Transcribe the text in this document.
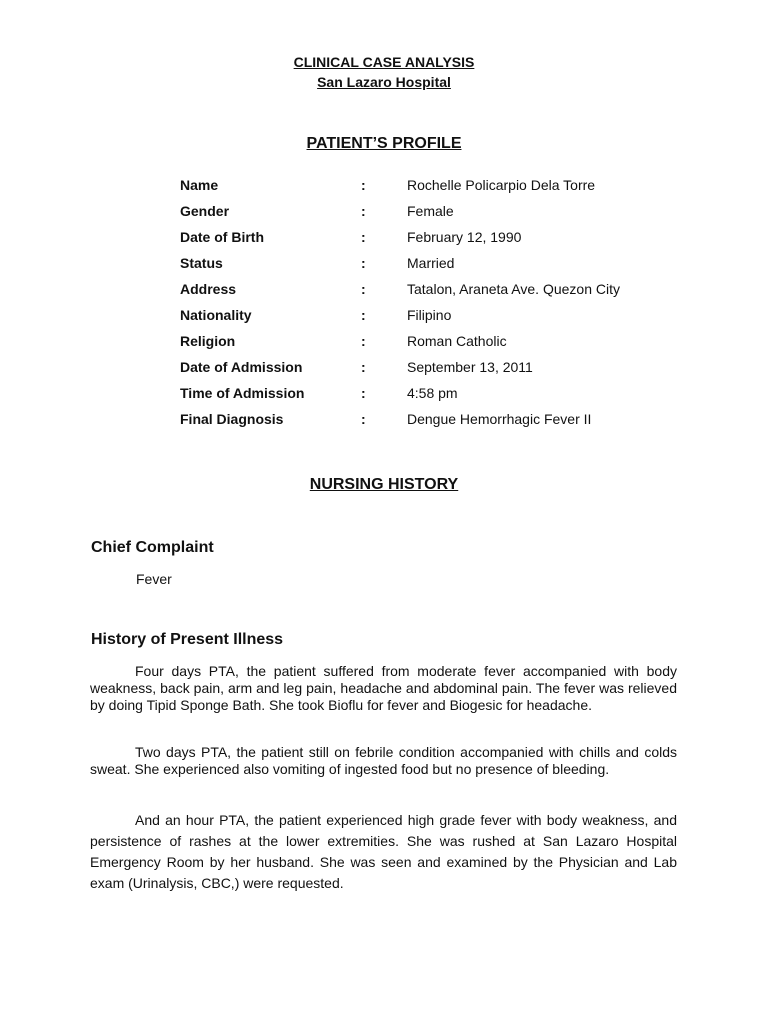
CLINICAL CASE ANALYSIS
San Lazaro Hospital
PATIENT’S PROFILE
Name	:	Rochelle Policarpio Dela Torre
Gender	:	Female
Date of Birth	:	February 12, 1990
Status	:	Married
Address	:	Tatalon, Araneta Ave. Quezon City
Nationality	:	Filipino
Religion	:	Roman Catholic
Date of Admission	:	September 13, 2011
Time of Admission	:	4:58 pm
Final Diagnosis	:	Dengue Hemorrhagic Fever II
NURSING HISTORY
Chief Complaint
Fever
History of Present Illness

Four days PTA, the patient suffered from moderate fever accompanied with body weakness, back pain, arm and leg pain, headache and abdominal pain. The fever was relieved by doing Tipid Sponge Bath. She took Bioflu for fever and Biogesic for headache.

Two days PTA, the patient still on febrile condition accompanied with chills and colds sweat. She experienced also vomiting of ingested food but no presence of bleeding.

And an hour PTA, the patient experienced high grade fever with body weakness, and persistence of rashes at the lower extremities. She was rushed at San Lazaro Hospital Emergency Room by her husband. She was seen and examined by the Physician and Lab exam (Urinalysis, CBC,) were requested.
